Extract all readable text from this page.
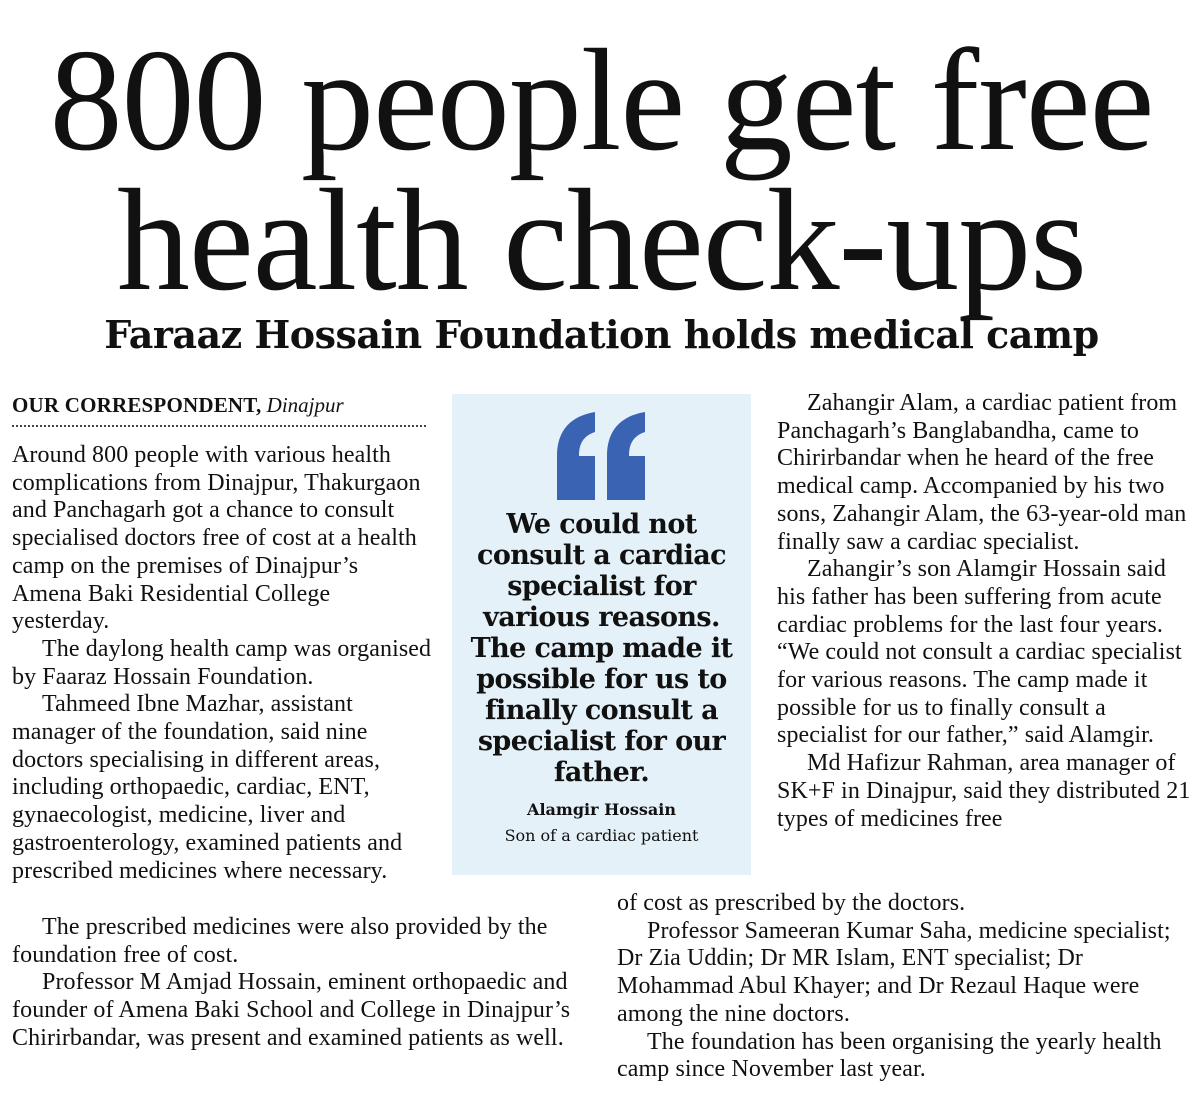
800 people get free
health check-ups
Faraaz Hossain Foundation holds medical camp
OUR CORRESPONDENT, Dinajpur

Around 800 people with various health complications from Dinajpur, Thakurgaon and Panchagarh got a chance to consult specialised doctors free of cost at a health camp on the premises of Dinajpur’s Amena Baki Residential College yesterday.

The daylong health camp was organised by Faaraz Hossain Foundation.

Tahmeed Ibne Mazhar, assistant manager of the foundation, said nine doctors specialising in different areas, including orthopaedic, cardiac, ENT, gynaecologist, medicine, liver and gastroenterology, examined patients and prescribed medicines where necessary.

The prescribed medicines were also provided by the foundation free of cost.

Professor M Amjad Hossain, eminent orthopaedic and founder of Amena Baki School and College in Dinajpur’s Chirirbandar, was present and examined patients as well.

We could not consult a cardiac specialist for various reasons. The camp made it possible for us to finally consult a specialist for our father.

Alamgir Hossain
Son of a cardiac patient

Zahangir Alam, a cardiac patient from Panchagarh’s Banglabandha, came to Chirirbandar when he heard of the free medical camp. Accompanied by his two sons, Zahangir Alam, the 63-year-old man finally saw a cardiac specialist.

Zahangir’s son Alamgir Hossain said his father has been suffering from acute cardiac problems for the last four years. “We could not consult a cardiac specialist for various reasons. The camp made it possible for us to finally consult a specialist for our father,” said Alamgir.

Md Hafizur Rahman, area manager of SK+F in Dinajpur, said they distributed 21 types of medicines free

of cost as prescribed by the doctors.

Professor Sameeran Kumar Saha, medicine specialist; Dr Zia Uddin; Dr MR Islam, ENT specialist; Dr Mohammad Abul Khayer; and Dr Rezaul Haque were among the nine doctors.

The foundation has been organising the yearly health camp since November last year.
